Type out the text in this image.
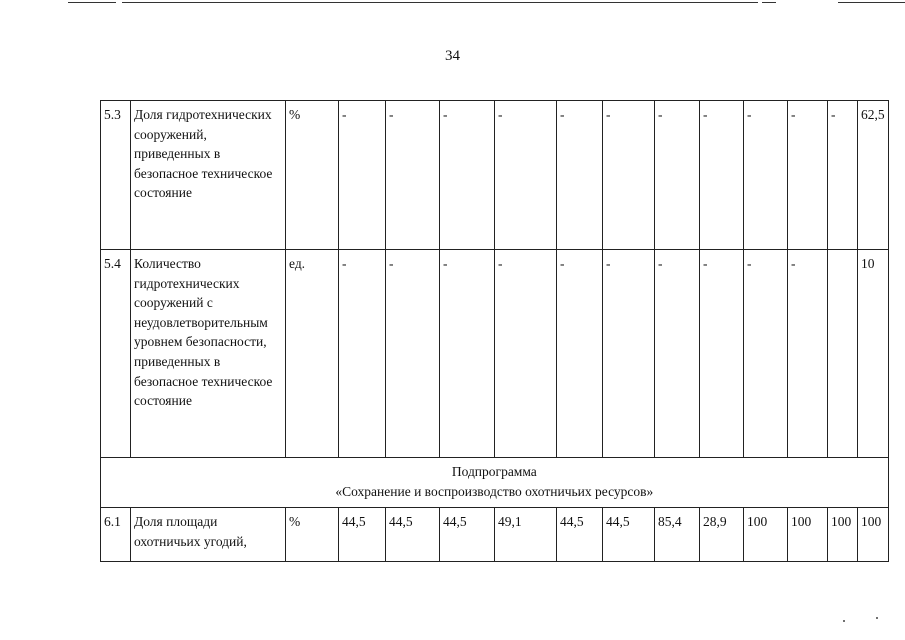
34
5.3	Доля гидротехнических сооружений, приведенных в безопасное техническое состояние	%	-	-	-	-	-	-	-	-	-	-	-	62,5
5.4	Количество гидротехнических сооружений с неудовлетворительным уровнем безопасности, приведенных в безопасное техническое состояние	ед.	-	-	-	-	-	-	-	-	-	-		10

Подпрограмма
«Сохранение и воспроизводство охотничьих ресурсов»														

6.1	Доля площади охотничьих угодий,	%	44,5	44,5	44,5	49,1	44,5	44,5	85,4	28,9	100	100	100	100
